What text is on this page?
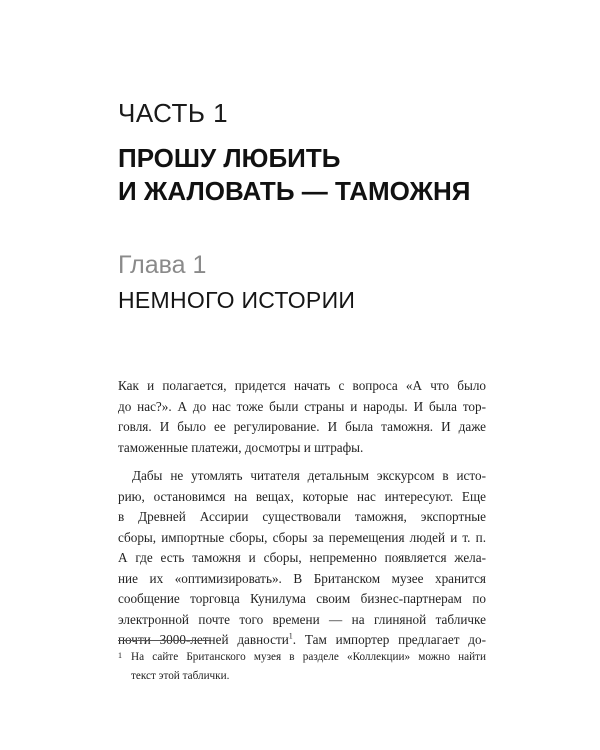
ЧАСТЬ 1
ПРОШУ ЛЮБИТЬ
И ЖАЛОВАТЬ — ТАМОЖНЯ
Глава 1
НЕМНОГО ИСТОРИИ

Как и полагается, придется начать с вопроса «А что было
до нас?». А до нас тоже были страны и народы. И была тор-
говля. И было ее регулирование. И была таможня. И даже
таможенные платежи, досмотры и штрафы.

Дабы не утомлять читателя детальным экскурсом в исто-
рию, остановимся на вещах, которые нас интересуют. Еще
в Древней Ассирии существовали таможня, экспортные
сборы, импортные сборы, сборы за перемещения людей и т. п.
А где есть таможня и сборы, непременно появляется жела-
ние их «оптимизировать». В Британском музее хранится
сообщение торговца Кунилума своим бизнес-партнерам по
электронной почте того времени — на глиняной табличке
почти 3000-летней давности$^1$. Там импортер предлагает до-

1 На сайте Британского музея в разделе «Коллекции» можно найти
текст этой таблички.
